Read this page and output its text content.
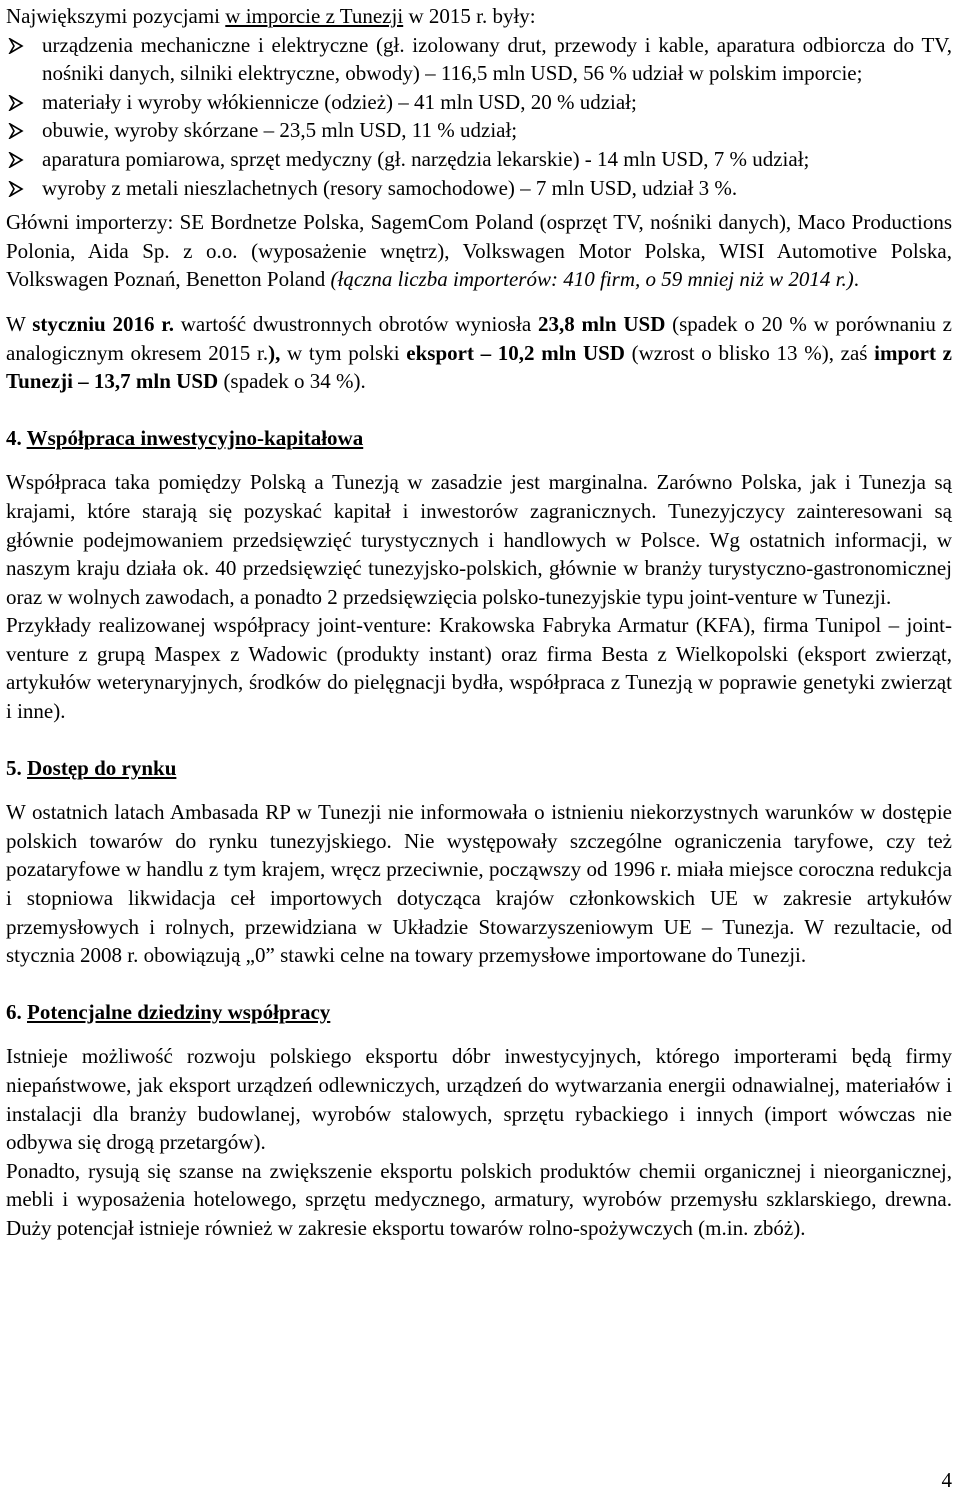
Największymi pozycjami w imporcie z Tunezji w 2015 r. były:

urządzenia mechaniczne i elektryczne (gł. izolowany drut, przewody i kable, aparatura odbiorcza do TV, nośniki danych, silniki elektryczne, obwody) – 116,5 mln USD, 56 % udział w polskim imporcie;
materiały i wyroby włókiennicze (odzież) – 41 mln USD, 20 % udział;
obuwie, wyroby skórzane – 23,5 mln USD, 11 % udział;
aparatura pomiarowa, sprzęt medyczny (gł. narzędzia lekarskie) - 14 mln USD, 7 % udział;
wyroby z metali nieszlachetnych (resory samochodowe) – 7 mln USD, udział 3 %.

Główni importerzy: SE Bordnetze Polska, SagemCom Poland (osprzęt TV, nośniki danych), Maco Productions Polonia, Aida Sp. z o.o. (wyposażenie wnętrz), Volkswagen Motor Polska, WISI Automotive Polska, Volkswagen Poznań, Benetton Poland (łączna liczba importerów: 410 firm, o 59 mniej niż w 2014 r.).

W styczniu 2016 r. wartość dwustronnych obrotów wyniosła 23,8 mln USD (spadek o 20 % w porównaniu z analogicznym okresem 2015 r.), w tym polski eksport – 10,2 mln USD (wzrost o blisko 13 %), zaś import z Tunezji – 13,7 mln USD (spadek o 34 %).

4. Współpraca inwestycyjno-kapitałowa

Współpraca taka pomiędzy Polską a Tunezją w zasadzie jest marginalna. Zarówno Polska, jak i Tunezja są krajami, które starają się pozyskać kapitał i inwestorów zagranicznych. Tunezyjczycy zainteresowani są głównie podejmowaniem przedsięwzięć turystycznych i handlowych w Polsce. Wg ostatnich informacji, w naszym kraju działa ok. 40 przedsięwzięć tunezyjsko-polskich, głównie w branży turystyczno-gastronomicznej oraz w wolnych zawodach, a ponadto 2 przedsięwzięcia polsko-tunezyjskie typu joint-venture w Tunezji.

Przykłady realizowanej współpracy joint-venture: Krakowska Fabryka Armatur (KFA), firma Tunipol – joint-venture z grupą Maspex z Wadowic (produkty instant) oraz firma Besta z Wielkopolski (eksport zwierząt, artykułów weterynaryjnych, środków do pielęgnacji bydła, współpraca z Tunezją w poprawie genetyki zwierząt i inne).

5. Dostęp do rynku

W ostatnich latach Ambasada RP w Tunezji nie informowała o istnieniu niekorzystnych warunków w dostępie polskich towarów do rynku tunezyjskiego. Nie występowały szczególne ograniczenia taryfowe, czy też pozataryfowe w handlu z tym krajem, wręcz przeciwnie, począwszy od 1996 r. miała miejsce coroczna redukcja i stopniowa likwidacja ceł importowych dotycząca krajów członkowskich UE w zakresie artykułów przemysłowych i rolnych, przewidziana w Układzie Stowarzyszeniowym UE – Tunezja. W rezultacie, od stycznia 2008 r. obowiązują „0” stawki celne na towary przemysłowe importowane do Tunezji.

6. Potencjalne dziedziny współpracy

Istnieje możliwość rozwoju polskiego eksportu dóbr inwestycyjnych, którego importerami będą firmy niepaństwowe, jak eksport urządzeń odlewniczych, urządzeń do wytwarzania energii odnawialnej, materiałów i instalacji dla branży budowlanej, wyrobów stalowych, sprzętu rybackiego i innych (import wówczas nie odbywa się drogą przetargów).

Ponadto, rysują się szanse na zwiększenie eksportu polskich produktów chemii organicznej i nieorganicznej, mebli i wyposażenia hotelowego, sprzętu medycznego, armatury, wyrobów przemysłu szklarskiego, drewna. Duży potencjał istnieje również w zakresie eksportu towarów rolno-spożywczych (m.in. zbóż).

4
